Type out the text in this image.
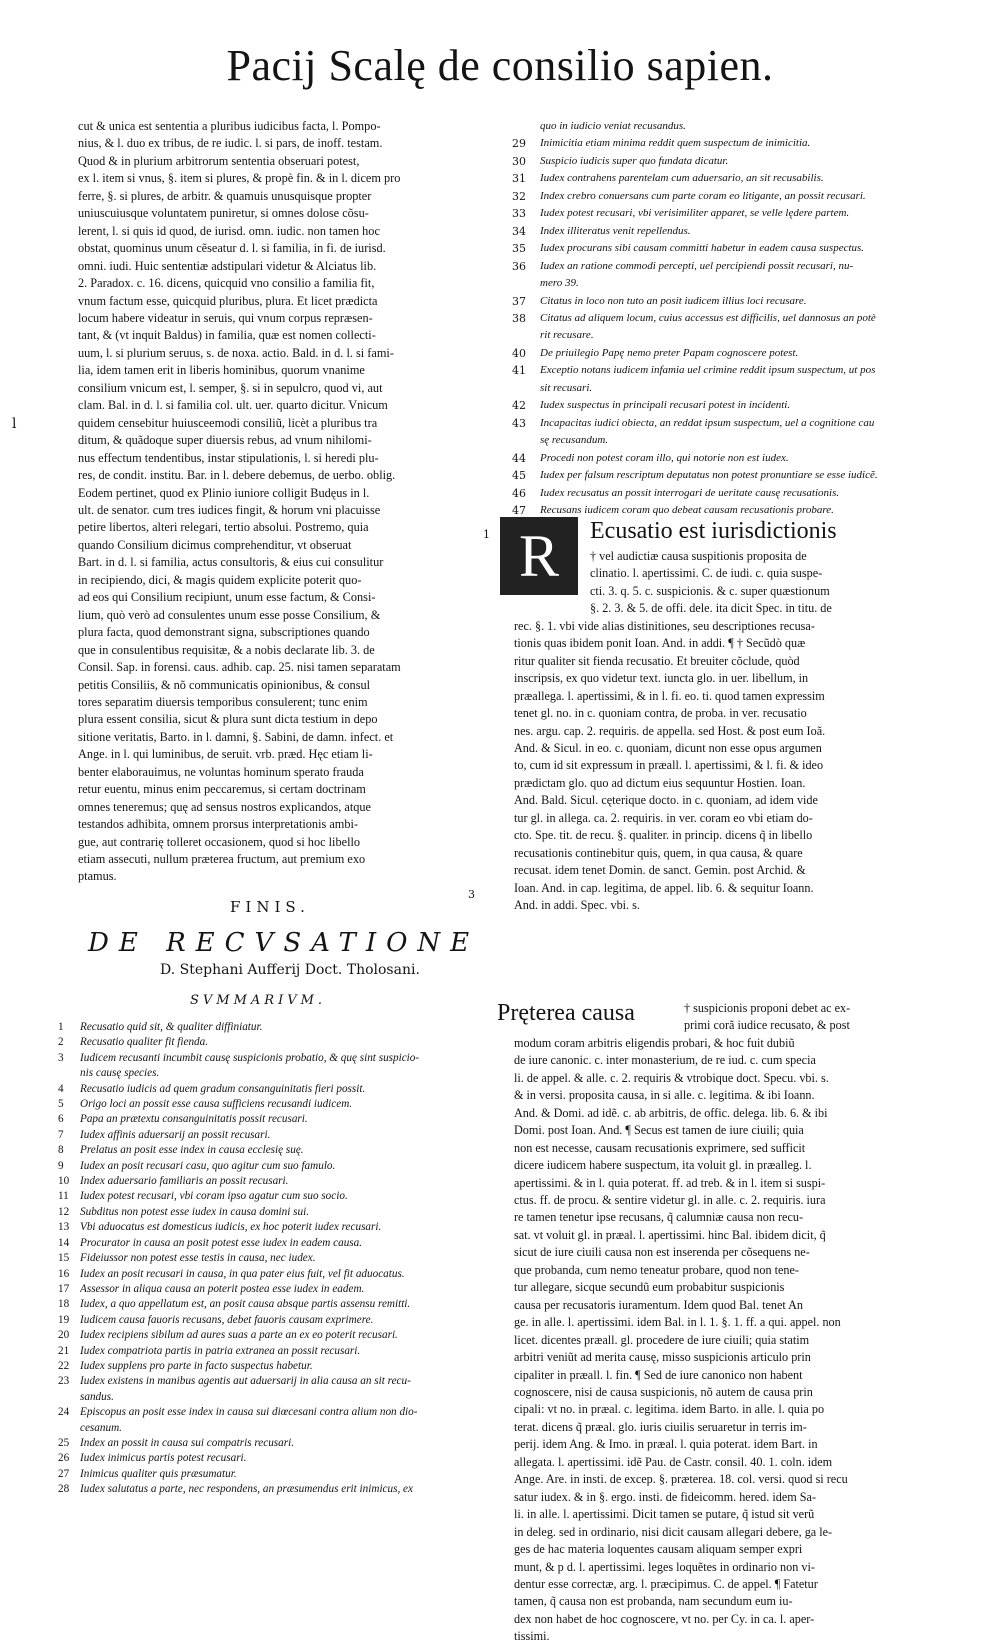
Pacij Scalę de consilio sapien.

cut & unica est sententia a pluribus iudicibus facta, l. Pompo-

nius, & l. duo ex tribus, de re iudic. l. si pars, de inoff. testam.

Quod & in plurium arbitrorum sententia obseruari potest,

ex l. item si vnus, §. item si plures, & propè fin. & in l. dicem pro

ferre, §. si plures, de arbitr. & quamuis unusquisque propter

uniuscuiusque voluntatem puniretur, si omnes dolose cõsu-

lerent, l. si quis id quod, de iurisd. omn. iudic. non tamen hoc

obstat, quominus unum cẽseatur d. l. si familia, in fi. de iurisd.

omni. iudi. Huic sententiæ adstipulari videtur & Alciatus lib.

2. Paradox. c. 16. dicens, quicquid vno consilio a familia fit,

vnum factum esse, quicquid pluribus, plura. Et licet prædicta

locum habere videatur in seruis, qui vnum corpus repræsen-

tant, & (vt inquit Baldus) in familia, quæ est nomen collecti-

uum, l. si plurium seruus, s. de noxa. actio. Bald. in d. l. si fami-

lia, idem tamen erit in liberis hominibus, quorum vnanime

consilium vnicum est, l. semper, §. si in sepulcro, quod vi, aut

clam. Bal. in d. l. si familia col. ult. uer. quarto dicitur. Vnicum

quidem censebitur huiusceemodi consiliũ, licèt a pluribus tra

ditum, & quãdoque super diuersis rebus, ad vnum nihilomi-

nus effectum tendentibus, instar stipulationis, l. si heredi plu-

res, de condit. institu. Bar. in l. debere debemus, de uerbo. oblig.

Eodem pertinet, quod ex Plinio iuniore colligit Budęus in l.

ult. de senator. cum tres iudices fingit, & horum vni placuisse

petire libertos, alteri relegari, tertio absolui. Postremo, quia

quando Consilium dicimus comprehenditur, vt obseruat

Bart. in d. l. si familia, actus consultoris, & eius cui consulitur

in recipiendo, dici, & magis quidem explicite poterit quo-

ad eos qui Consilium recipiunt, unum esse factum, & Consi-

lium, quò verò ad consulentes unum esse posse Consilium, &

plura facta, quod demonstrant signa, subscriptiones quando

que in consulentibus requisitæ, & a nobis declarate lib. 3. de

Consil. Sap. in forensi. caus. adhib. cap. 25. nisi tamen separatam

petitis Consiliis, & nõ communicatis opinionibus, & consul

tores separatim diuersis temporibus consulerent; tunc enim

plura essent consilia, sicut & plura sunt dicta testium in depo

sitione veritatis, Barto. in l. damni, §. Sabini, de damn. infect. et

Ange. in l. qui luminibus, de seruit. vrb. præd. Hęc etiam li-

benter elaborauimus, ne voluntas hominum sperato frauda

retur euentu, minus enim peccaremus, si certam doctrinam

omnes teneremus; quę ad sensus nostros explicandos, atque

testandos adhibita, omnem prorsus interpretationis ambi-

gue, aut contrarię tolleret occasionem, quod si hoc libello

etiam assecuti, nullum præterea fructum, aut premium exo

ptamus.

quo in iudicio veniat recusandus.

29	Inimicitia etiam minima reddit quem suspectum de inimicitia.

30	Suspicio iudicis super quo fundata dicatur.

31	Iudex contrahens parentelam cum aduersario, an sit recusabilis.

32	Index crebro conuersans cum parte coram eo litigante, an possit recusari.

33	Iudex potest recusari, vbi verisimiliter apparet, se velle lędere partem.

34	Index illiteratus venit repellendus.

35	Iudex procurans sibi causam committi habetur in eadem causa suspectus.

36	Iudex an ratione commodi percepti, uel percipiendi possit recusari, nu-

mero 39.

37	Citatus in loco non tuto an posit iudicem illius loci recusare.

38	Citatus ad aliquem locum, cuius accessus est difficilis, uel dannosus an potè

rit recusare.

40	De priuilegio Papę nemo preter Papam cognoscere potest.

41	Exceptio notans iudicem infamia uel crimine reddit ipsum suspectum, ut pos

sit recusari.

42	Iudex suspectus in principali recusari potest in incidenti.

43	Incapacitas iudici obiecta, an reddat ipsum suspectum, uel a cognitione cau

sę recusandum.

44	Procedi non potest coram illo, qui notorie non est iudex.

45	Iudex per falsum rescriptum deputatus non potest pronuntiare se esse iudicẽ.

46	Iudex recusatus an possit interrogari de ueritate causę recusationis.

47	Recusans iudicem coram quo debeat causam recusationis probare.

l
FINIS.
DE RECVSATIONE
D. Stephani Aufferij Doct. Tholosani.
SVMMARIVM.
3
1	Recusatio quid sit, & qualiter diffiniatur.
2	Recusatio qualiter fit fienda.
3	Iudicem recusanti incumbit causę suspicionis probatio, & quę sint suspicio-
nis causę species.
4	Recusatio iudicis ad quem gradum consanguinitatis fieri possit.
5	Origo loci an possit esse causa sufficiens recusandi iudicem.
6	Papa an prætextu consanguinitatis possit recusari.
7	Iudex affinis aduersarij an possit recusari.
8	Prelatus an posit esse index in causa ecclesię suę.
9	Iudex an posit recusari casu, quo agitur cum suo famulo.
10 Index aduersario familiaris an possit recusari.
11	Iudex potest recusari, vbi coram ipso agatur cum suo socio.
12 Subditus non potest esse iudex in causa domini sui.
13 Vbi aduocatus est domesticus iudicis, ex hoc poterit iudex recusari.
14 Procurator in causa an posit potest esse iudex in eadem causa.
15 Fideiussor non potest esse testis in causa, nec iudex.
16 Iudex an posit recusari in causa, in qua pater eius fuit, vel fit aduocatus.
17 Assessor in aliqua causa an poterit postea esse iudex in eadem.
18 Iudex, a quo appellatum est, an posit causa absque partis assensu remitti.
19 Iudicem causa fauoris recusans, debet fauoris causam exprimere.
20 Iudex recipiens sibilum ad aures suas a parte an ex eo poterit recusari.
21 Iudex compatriota partis in patria extranea an possit recusari.
22 Iudex supplens pro parte in facto suspectus habetur.
23 Iudex existens in manibus agentis aut aduersarij in alia causa an sit recu-
sandus.
24 Episcopus an posit esse index in causa sui diœcesani contra alium non dio-
cesanum.
25 Index an possit in causa sui compatris recusari.
26 Iudex inimicus partis potest recusari.
27 Inimicus qualiter quis præsumatur.
28 Iudex salutatus a parte, nec respondens, an præsumendus erit inimicus, ex
R
1	Ecusatio est iurisdictionis

† vel audictiæ causa suspitionis proposita de

clinatio. l. apertissimi. C. de iudi. c. quia suspe-

cti. 3. q. 5. c. suspicionis. & c. super quæstionum

§. 2. 3. & 5. de offi. dele. ita dicit Spec. in titu. de

rec. §. 1. vbi vide alias distinitiones, seu descriptiones recusa-

tionis quas ibidem ponit Ioan. And. in addi. ¶ † Secũdò quæ

ritur qualiter sit fienda recusatio. Et breuiter cõclude, quòd

inscripsis, ex quo videtur text. iuncta glo. in uer. libellum, in

præallega. l. apertissimi, & in l. fi. eo. ti. quod tamen expressim

tenet gl. no. in c. quoniam contra, de proba. in ver. recusatio

nes. argu. cap. 2. requiris. de appella. sed Host. & post eum Ioã.

And. & Sicul. in eo. c. quoniam, dicunt non esse opus argumen

to, cum id sit expressum in præall. l. apertissimi, & l. fi. & ideo

prædictam glo. quo ad dictum eius sequuntur Hostien. Ioan.

And. Bald. Sicul. cęterique docto. in c. quoniam, ad idem vide

tur gl. in allega. ca. 2. requiris. in ver. coram eo vbi etiam do-

cto. Spe. tit. de recu. §. qualiter. in princip. dicens q̃ in libello

recusationis continebitur quis, quem, in qua causa, & quare

recusat. idem tenet Domin. de sanct. Gemin. post Archid. &

Ioan. And. in cap. legitima, de appel. lib. 6. & sequitur Ioann.

And. in addi. Spec. vbi. s.

Pręterea causa	† suspicionis proponi debet ac ex-

primi corã iudice recusato, & post

modum coram arbitris eligendis probari, & hoc fuit dubiũ

de iure canonic. c. inter monasterium, de re iud. c. cum specia

li. de appel. & alle. c. 2. requiris & vtrobique doct. Specu. vbi. s.

& in versi. proposita causa, in si alle. c. legitima. & ibi Ioann.

And. & Domi. ad idẽ. c. ab arbitris, de offic. delega. lib. 6. & ibi

Domi. post Ioan. And. ¶ Secus est tamen de iure ciuili; quia

non est necesse, causam recusationis exprimere, sed sufficit

dicere iudicem habere suspectum, ita voluit gl. in præalleg. l.

apertissimi. & in l. quia poterat. ff. ad treb. & in l. item si suspi-

ctus. ff. de procu. & sentire videtur gl. in alle. c. 2. requiris. iura

re tamen tenetur ipse recusans, q̃ calumniæ causa non recu-

sat. vt voluit gl. in præal. l. apertissimi. hinc Bal. ibidem dicit, q̃

sicut de iure ciuili causa non est inserenda per cõsequens ne-

que probanda, cum nemo teneatur probare, quod non tene-

tur allegare, sicque secundũ eum probabitur suspicionis

causa per recusatoris iuramentum. Idem quod Bal. tenet An

ge. in alle. l. apertissimi. idem Bal. in l. 1. §. 1. ff. a qui. appel. non

licet. dicentes præall. gl. procedere de iure ciuili; quia statim

arbitri veniũt ad merita causę, misso suspicionis articulo prin

cipaliter in præall. l. fin. ¶ Sed de iure canonico non habent

cognoscere, nisi de causa suspicionis, nõ autem de causa prin

cipali: vt no. in præal. c. legitima. idem Barto. in alle. l. quia po

terat. dicens q̃ præal. glo. iuris ciuilis seruaretur in terris im-

perij. idem Ang. & Imo. in præal. l. quia poterat. idem Bart. in

allegata. l. apertissimi. idẽ Pau. de Castr. consil. 40. 1. coln. idem

Ange. Are. in insti. de excep. §. præterea. 18. col. versi. quod si recu

satur iudex. & in §. ergo. insti. de fideicomm. hered. idem Sa-

li. in alle. l. apertissimi. Dicit tamen se putare, q̃ istud sit verũ

in deleg. sed in ordinario, nisi dicit causam allegari debere, ga le-

ges de hac materia loquentes causam aliquam semper expri

munt, & p d. l. apertissimi. leges loquẽtes in ordinario non vi-

dentur esse correctæ, arg. l. præcipimus. C. de appel. ¶ Fatetur

tamen, q̃ causa non est probanda, nam secundum eum iu-

dex non habet de hoc cognoscere, vt no. per Cy. in ca. l. aper-

tissimi.
